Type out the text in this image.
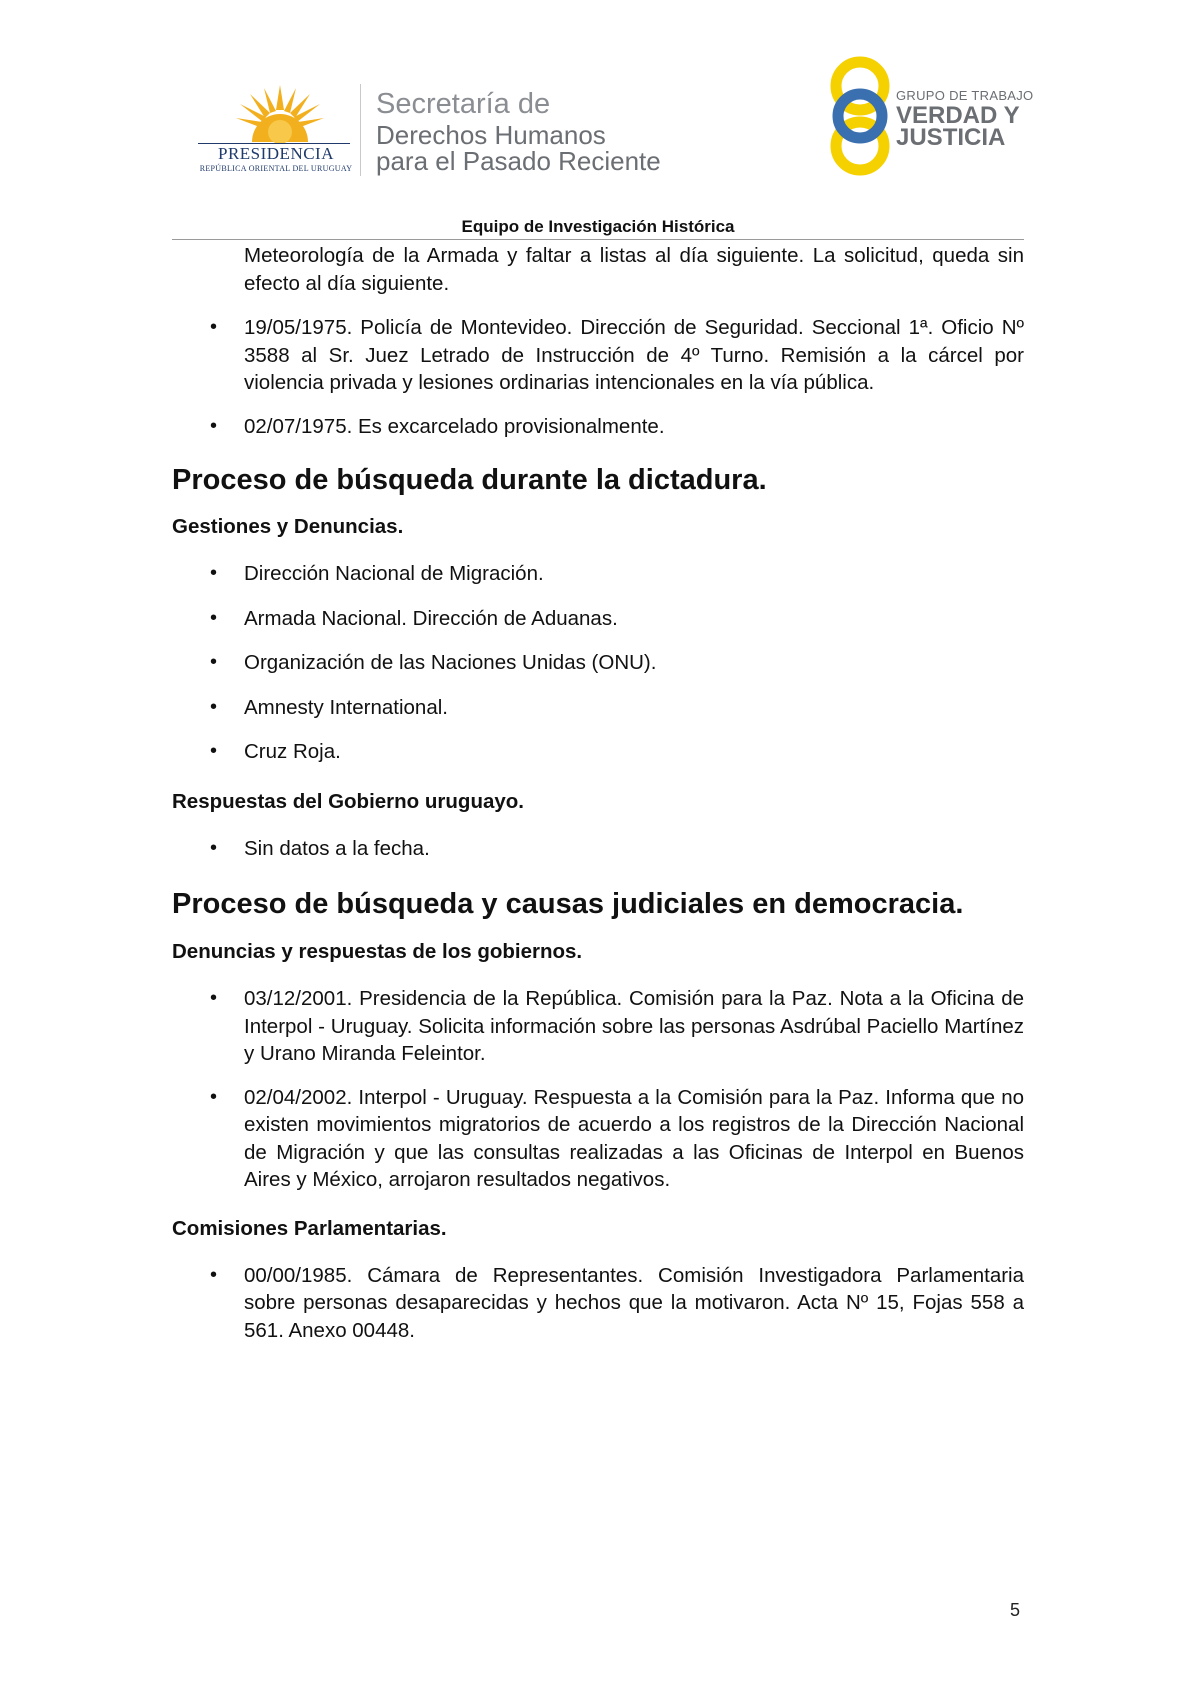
PRESIDENCIA
REPÚBLICA ORIENTAL DEL URUGUAY
Secretaría de
Derechos Humanos
para el Pasado Reciente
GRUPO DE TRABAJO
VERDAD Y
JUSTICIA
Equipo de Investigación Histórica

Meteorología de la Armada y faltar a listas al día siguiente. La solicitud, queda sin efecto al día siguiente.

• 19/05/1975. Policía de Montevideo. Dirección de Seguridad. Seccional 1ª. Oficio Nº 3588 al Sr. Juez Letrado de Instrucción de 4º Turno. Remisión a la cárcel por violencia privada y lesiones ordinarias intencionales en la vía pública.
• 02/07/1975. Es excarcelado provisionalmente.
Proceso de búsqueda durante la dictadura.
Gestiones y Denuncias.
• Dirección Nacional de Migración.
• Armada Nacional. Dirección de Aduanas.
• Organización de las Naciones Unidas (ONU).
• Amnesty International.
• Cruz Roja.
Respuestas del Gobierno uruguayo.
• Sin datos a la fecha.
Proceso de búsqueda y causas judiciales en democracia.
Denuncias y respuestas de los gobiernos.
• 03/12/2001. Presidencia de la República. Comisión para la Paz. Nota a la Oficina de Interpol - Uruguay. Solicita información sobre las personas Asdrúbal Paciello Martínez y Urano Miranda Feleintor.
• 02/04/2002. Interpol - Uruguay. Respuesta a la Comisión para la Paz. Informa que no existen movimientos migratorios de acuerdo a los registros de la Dirección Nacional de Migración y que las consultas realizadas a las Oficinas de Interpol en Buenos Aires y México, arrojaron resultados negativos.
Comisiones Parlamentarias.
• 00/00/1985. Cámara de Representantes. Comisión Investigadora Parlamentaria sobre personas desaparecidas y hechos que la motivaron. Acta Nº 15, Fojas 558 a 561. Anexo 00448.
5
